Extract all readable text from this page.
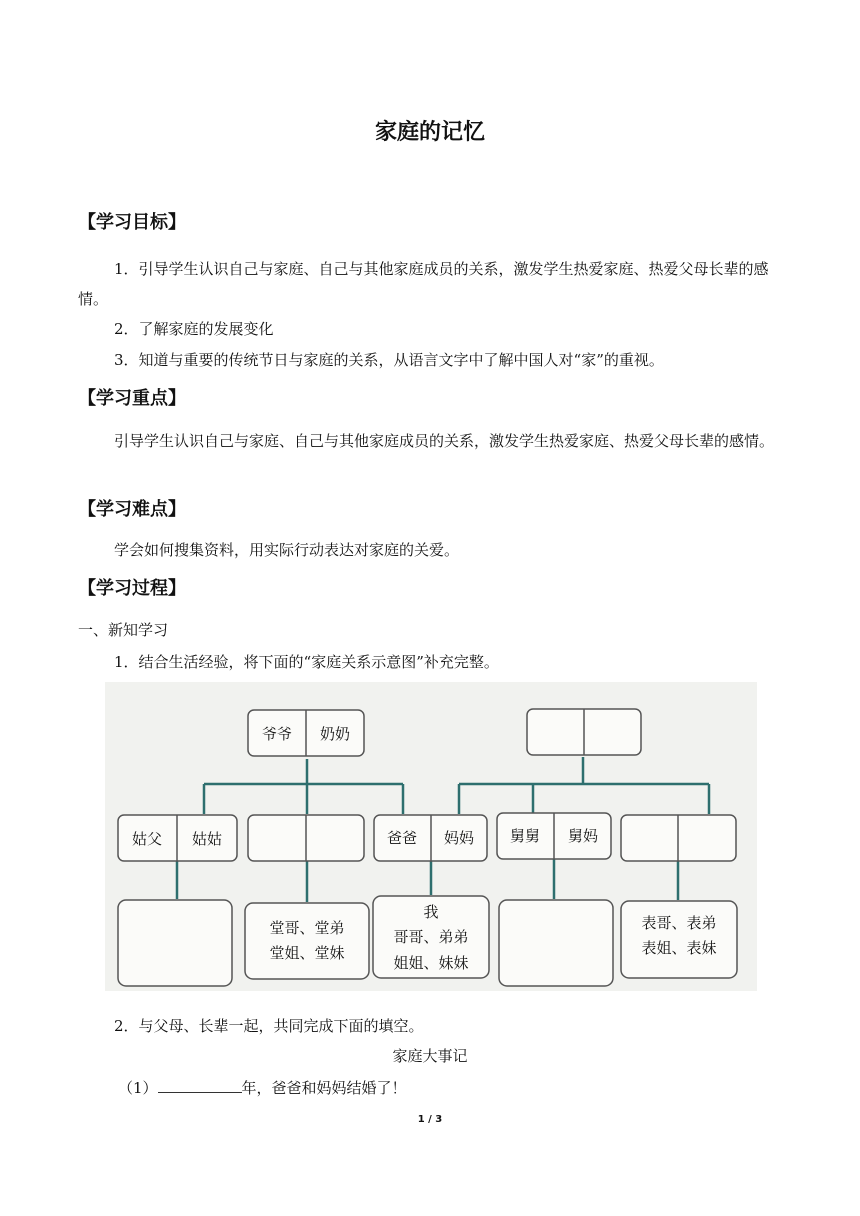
家庭的记忆
【学习目标】

1．引导学生认识自己与家庭、自己与其他家庭成员的关系，激发学生热爱家庭、热爱父母长辈的感情。

2．了解家庭的发展变化

3．知道与重要的传统节日与家庭的关系，从语言文字中了解中国人对“家”的重视。

【学习重点】

引导学生认识自己与家庭、自己与其他家庭成员的关系，激发学生热爱家庭、热爱父母长辈的感情。

【学习难点】

学会如何搜集资料，用实际行动表达对家庭的关爱。

【学习过程】
一、新知学习
1．结合生活经验，将下面的“家庭关系示意图”补充完整。
爷爷 奶奶
姑父 姑姑	爸爸 妈妈 舅舅 舅妈
堂哥、堂弟
堂姐、堂妹
我
哥哥、弟弟
姐姐、妹妹
表哥、表弟
表姐、表妹
2．与父母、长辈一起，共同完成下面的填空。
家庭大事记
（1）	年，爸爸和妈妈结婚了！
1 / 3
